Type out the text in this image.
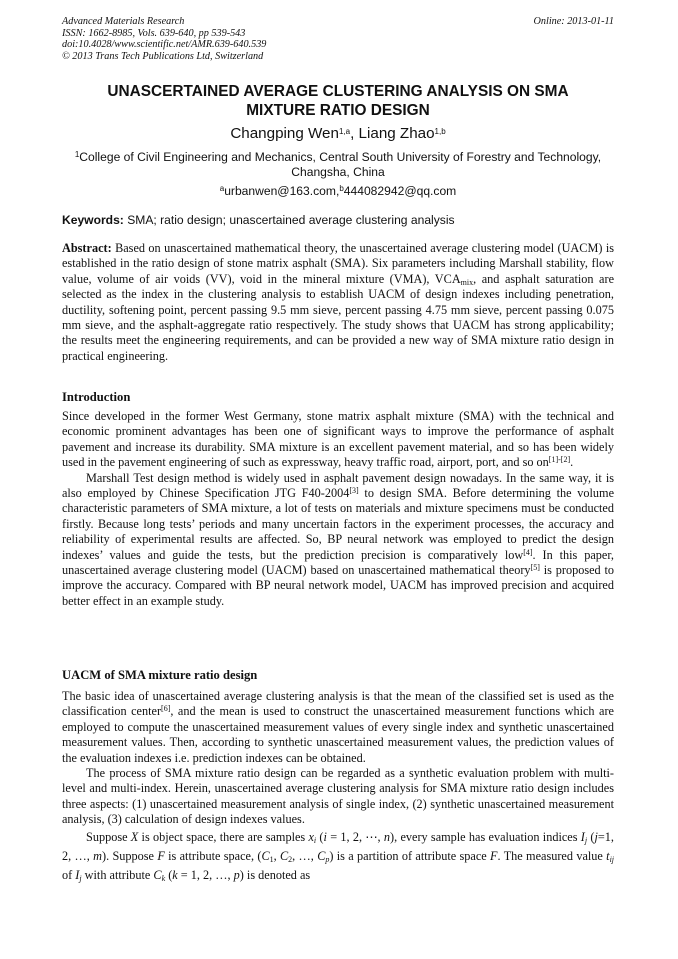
Advanced Materials Research
ISSN: 1662-8985, Vols. 639-640, pp 539-543
doi:10.4028/www.scientific.net/AMR.639-640.539
© 2013 Trans Tech Publications Ltd, Switzerland
Online: 2013-01-11
UNASCERTAINED AVERAGE CLUSTERING ANALYSIS ON SMA
MIXTURE RATIO DESIGN
Changping Wen$^{1,a}$, Liang Zhao$^{1,b}$
$^1$College of Civil Engineering and Mechanics, Central South University of Forestry and Technology, Changsha, China
$^a$urbanwen@163.com,$^b$444082942@qq.com
Keywords: SMA; ratio design; unascertained average clustering analysis
Abstract: Based on unascertained mathematical theory, the unascertained average clustering model (UACM) is established in the ratio design of stone matrix asphalt (SMA). Six parameters including Marshall stability, flow value, volume of air voids (VV), void in the mineral mixture (VMA), $VCA_{mix}$, and asphalt saturation are selected as the index in the clustering analysis to establish UACM of design indexes including penetration, ductility, softening point, percent passing 9.5 mm sieve, percent passing 4.75 mm sieve, percent passing 0.075 mm sieve, and the asphalt-aggregate ratio respectively. The study shows that UACM has strong applicability; the results meet the engineering requirements, and can be provided a new way of SMA mixture ratio design in practical engineering.
Introduction
Since developed in the former West Germany, stone matrix asphalt mixture (SMA) with the technical and economic prominent advantages has been one of significant ways to improve the performance of asphalt pavement and increase its durability. SMA mixture is an excellent pavement material, and so has been widely used in the pavement engineering of such as expressway, heavy traffic road, airport, port, and so on[1]-[2].
Marshall Test design method is widely used in asphalt pavement design nowadays. In the same way, it is also employed by Chinese Specification JTG F40-2004[3] to design SMA. Before determining the volume characteristic parameters of SMA mixture, a lot of tests on materials and mixture specimens must be conducted firstly. Because long tests’ periods and many uncertain factors in the experiment processes, the accuracy and reliability of experimental results are affected. So, BP neural network was employed to predict the design indexes’ values and guide the tests, but the prediction precision is comparatively low[4]. In this paper, unascertained average clustering model (UACM) based on unascertained mathematical theory[5] is proposed to improve the accuracy. Compared with BP neural network model, UACM has improved precision and acquired better effect in an example study.
UACM of SMA mixture ratio design
The basic idea of unascertained average clustering analysis is that the mean of the classified set is used as the classification center[6], and the mean is used to construct the unascertained measurement functions which are employed to compute the unascertained measurement values of every single index and synthetic unascertained measurement values. Then, according to synthetic unascertained measurement values, the prediction values of the evaluation indexes i.e. prediction indexes can be obtained.
The process of SMA mixture ratio design can be regarded as a synthetic evaluation problem with multi-level and multi-index. Herein, unascertained average clustering analysis for SMA mixture ratio design includes three aspects: (1) unascertained measurement analysis of single index, (2) synthetic unascertained measurement analysis, (3) calculation of design indexes values.
Suppose X is object space, there are samples $x_i$ (i = 1, 2, ⋯, n), every sample has evaluation indices $I_j$ (j=1, 2, …, m). Suppose F is attribute space, ($C_1$, $C_2$, …, $C_p$) is a partition of attribute space F. The measured value $t_{ij}$ of $I_j$ with attribute $C_k$ (k = 1, 2, …, p) is denoted as
